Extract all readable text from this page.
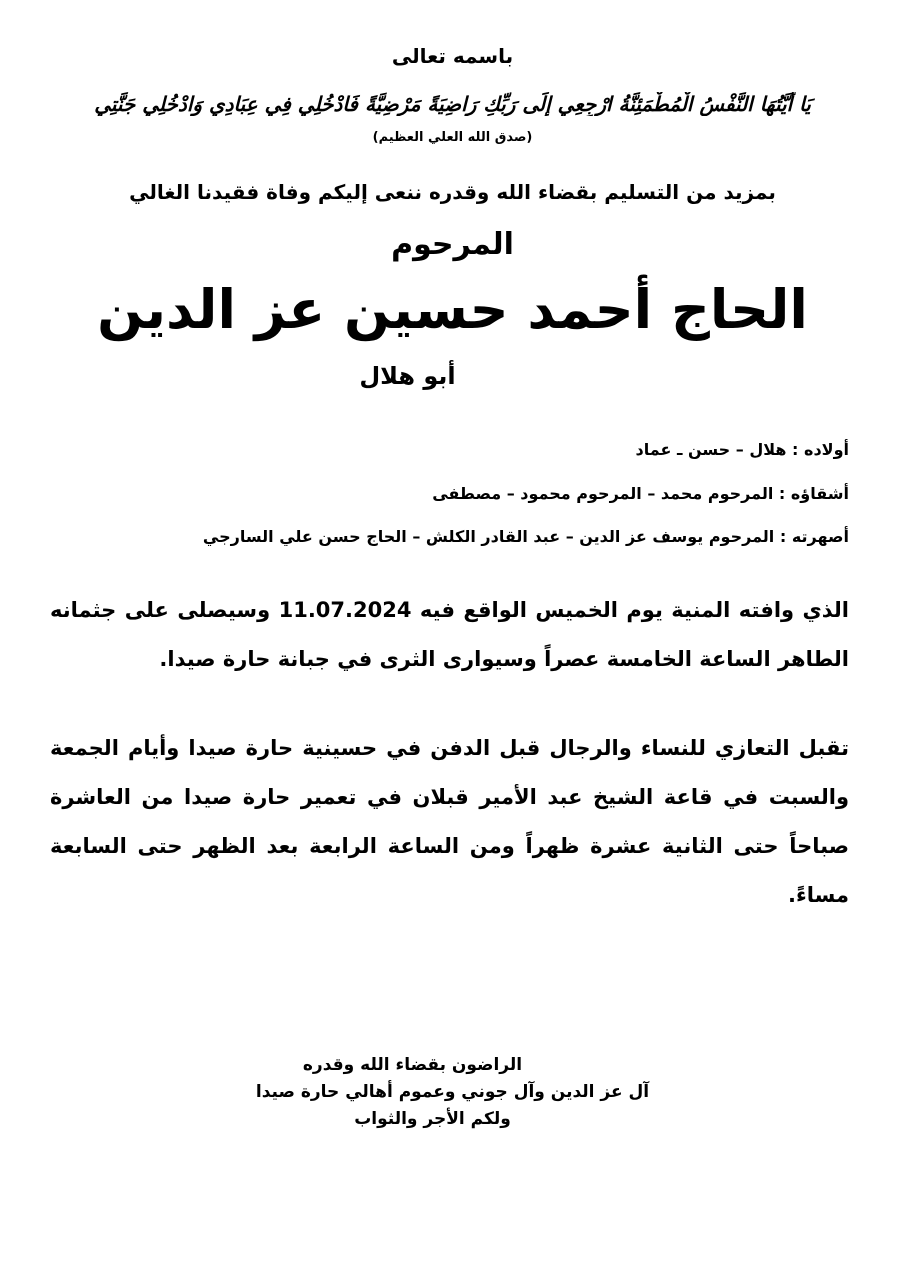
باسمه تعالى
يَا أَيَّتُهَا النَّفْسُ الْمُطْمَئِنَّةُ ارْجِعِي إِلَى رَبِّكِ رَاضِيَةً مَرْضِيَّةً فَادْخُلِي فِي عِبَادِي وَادْخُلِي جَنَّتِي
(صدق الله العلي العظيم)
بمزيد من التسليم بقضاء الله وقدره ننعى إليكم وفاة فقيدنا الغالي
المرحوم
الحاج أحمد حسين عز الدين
أبو هلال
أولاده : هلال – حسن ـ عماد
أشقاؤه : المرحوم محمد – المرحوم محمود – مصطفى
أصهرته : المرحوم يوسف عز الدين – عبد القادر الكلش – الحاج حسن علي السارجي
الذي وافته المنية يوم الخميس الواقع فيه 11.07.2024 وسيصلى على جثمانه الطاهر الساعة الخامسة عصراً وسيوارى الثرى في جبانة حارة صيدا.
تقبل التعازي للنساء والرجال قبل الدفن في حسينية حارة صيدا وأيام الجمعة والسبت في قاعة الشيخ عبد الأمير قبلان في تعمير حارة صيدا من العاشرة صباحاً حتى الثانية عشرة ظهراً ومن الساعة الرابعة بعد الظهر حتى السابعة مساءً.
الراضون بقضاء الله وقدره
آل عز الدين وآل جوني وعموم أهالي حارة صيدا
ولكم الأجر والثواب
